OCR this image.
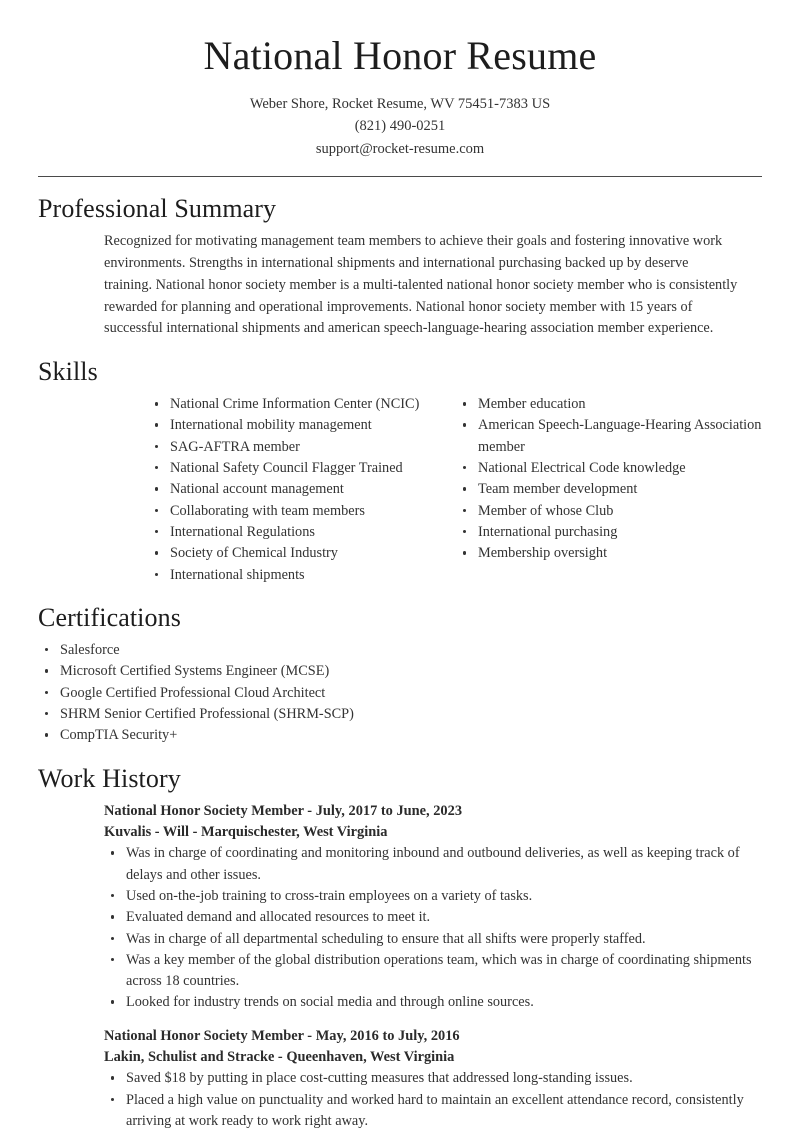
National Honor Resume
Weber Shore, Rocket Resume, WV 75451-7383 US
(821) 490-0251
support@rocket-resume.com
Professional Summary

Recognized for motivating management team members to achieve their goals and fostering innovative work environments. Strengths in international shipments and international purchasing backed up by deserve training. National honor society member is a multi-talented national honor society member who is consistently rewarded for planning and operational improvements. National honor society member with 15 years of successful international shipments and american speech-language-hearing association member experience.

Skills
National Crime Information Center (NCIC)
International mobility management
SAG-AFTRA member
National Safety Council Flagger Trained
National account management
Collaborating with team members
International Regulations
Society of Chemical Industry
International shipments
Member education
American Speech-Language-Hearing Association member
National Electrical Code knowledge
Team member development
Member of whose Club
International purchasing
Membership oversight
Certifications
Salesforce
Microsoft Certified Systems Engineer (MCSE)
Google Certified Professional Cloud Architect
SHRM Senior Certified Professional (SHRM-SCP)
CompTIA Security+
Work History
National Honor Society Member - July, 2017 to June, 2023
Kuvalis - Will - Marquischester, West Virginia
Was in charge of coordinating and monitoring inbound and outbound deliveries, as well as keeping track of delays and other issues.
Used on-the-job training to cross-train employees on a variety of tasks.
Evaluated demand and allocated resources to meet it.
Was in charge of all departmental scheduling to ensure that all shifts were properly staffed.
Was a key member of the global distribution operations team, which was in charge of coordinating shipments across 18 countries.
Looked for industry trends on social media and through online sources.
National Honor Society Member - May, 2016 to July, 2016
Lakin, Schulist and Stracke - Queenhaven, West Virginia
Saved $18 by putting in place cost-cutting measures that addressed long-standing issues.
Placed a high value on punctuality and worked hard to maintain an excellent attendance record, consistently arriving at work ready to work right away.
